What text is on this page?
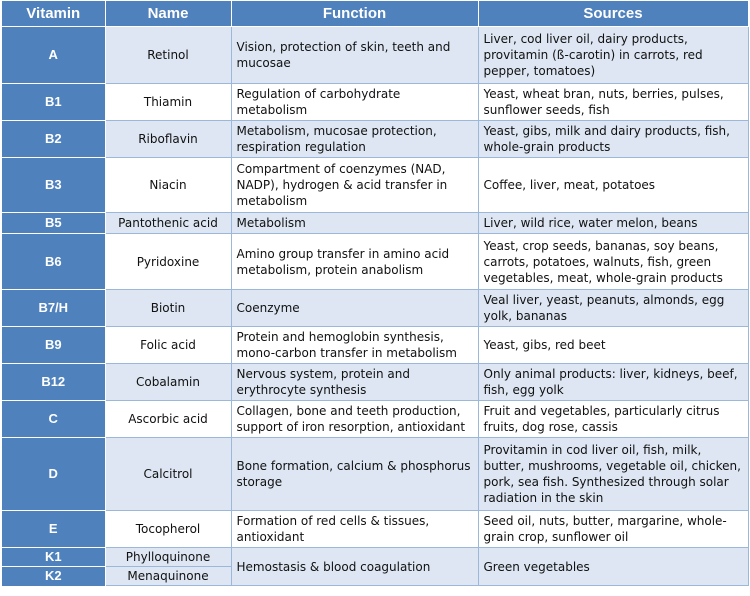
Vitamin	Name	Function	Sources
A	Retinol	Vision, protection of skin, teeth and mucosae	Liver, cod liver oil, dairy products, provitamin (ß-carotin) in carrots, red pepper, tomatoes)
B1	Thiamin	Regulation of carbohydrate metabolism	Yeast, wheat bran, nuts, berries, pulses, sunflower seeds, fish
B2	Riboflavin	Metabolism, mucosae protection, respiration regulation	Yeast, gibs, milk and dairy products, fish, whole-grain products
B3	Niacin	Compartment of coenzymes (NAD, NADP), hydrogen & acid transfer in metabolism	Coffee, liver, meat, potatoes
B5	Pantothenic acid	Metabolism	Liver, wild rice, water melon, beans
B6	Pyridoxine	Amino group transfer in amino acid metabolism, protein anabolism	Yeast, crop seeds, bananas, soy beans, carrots, potatoes, walnuts, fish, green vegetables, meat, whole-grain products
B7/H	Biotin	Coenzyme	Veal liver, yeast, peanuts, almonds, egg yolk, bananas
B9	Folic acid	Protein and hemoglobin synthesis, mono-carbon transfer in metabolism	Yeast, gibs, red beet
B12	Cobalamin	Nervous system, protein and erythrocyte synthesis	Only animal products: liver, kidneys, beef, fish, egg yolk
C	Ascorbic acid	Collagen, bone and teeth production, support of iron resorption, antioxidant	Fruit and vegetables, particularly citrus fruits, dog rose, cassis
D	Calcitrol	Bone formation, calcium & phosphorus storage	Provitamin in cod liver oil, fish, milk, butter, mushrooms, vegetable oil, chicken, pork, sea fish. Synthesized through solar radiation in the skin
E	Tocopherol	Formation of red cells & tissues, antioxidant	Seed oil, nuts, butter, margarine, whole-grain crop, sunflower oil
K1	Phylloquinone	Hemostasis & blood coagulation	Green vegetables
K2	Menaquinone		
